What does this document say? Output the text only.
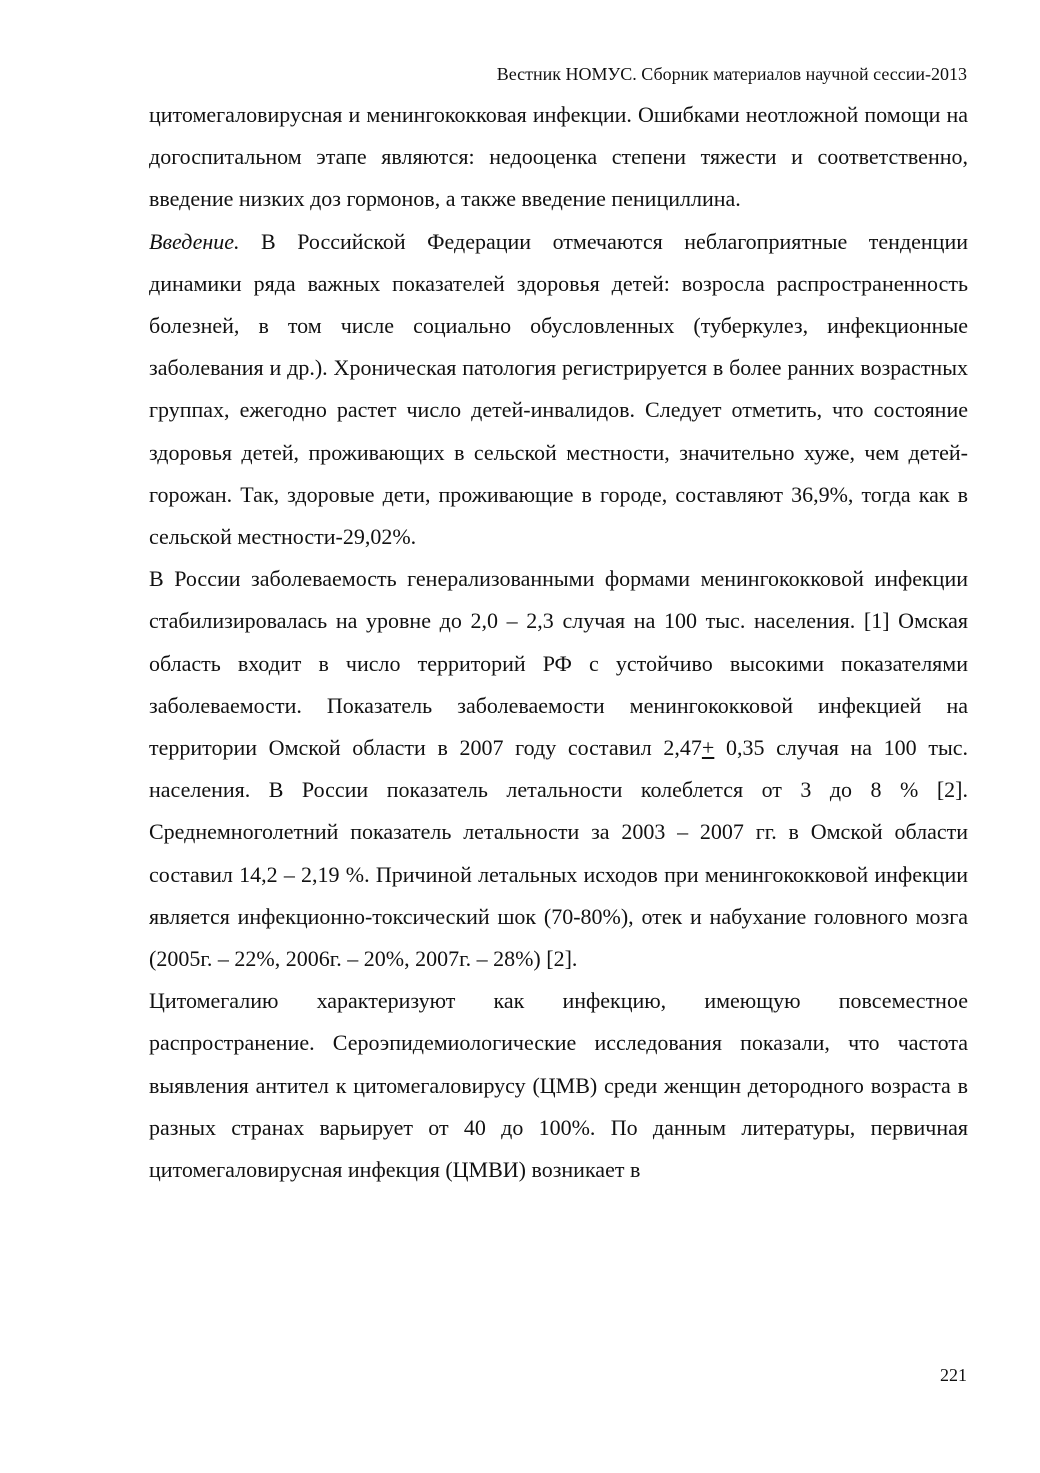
Вестник НОМУС. Сборник материалов научной сессии-2013

цитомегаловирусная и менингококковая инфекции. Ошибками неотложной помощи на догоспитальном этапе являются: недооценка степени тяжести и соответственно, введение низких доз гормонов, а также введение пенициллина.

Введение. В Российской Федерации отмечаются неблагоприятные тенденции динамики ряда важных показателей здоровья детей: возросла распространенность болезней, в том числе социально обусловленных (туберкулез, инфекционные заболевания и др.). Хроническая патология регистрируется в более ранних возрастных группах, ежегодно растет число детей-инвалидов. Следует отметить, что состояние здоровья детей, проживающих в сельской местности, значительно хуже, чем детей-горожан. Так, здоровые дети, проживающие в городе, составляют 36,9%, тогда как в сельской местности-29,02%.

В России заболеваемость генерализованными формами менингококковой инфекции стабилизировалась на уровне до 2,0 – 2,3 случая на 100 тыс. населения. [1] Омская область входит в число территорий РФ с устойчиво высокими показателями заболеваемости. Показатель заболеваемости менингококковой инфекцией на территории Омской области в 2007 году составил 2,47+ 0,35 случая на 100 тыс. населения. В России показатель летальности колеблется от 3 до 8 % [2]. Среднемноголетний показатель летальности за 2003 – 2007 гг. в Омской области составил 14,2 – 2,19 %. Причиной летальных исходов при менингококковой инфекции является инфекционно-токсический шок (70-80%), отек и набухание головного мозга (2005г. – 22%, 2006г. – 20%, 2007г. – 28%) [2].

Цитомегалию характеризуют как инфекцию, имеющую повсеместное распространение. Сероэпидемиологические исследования показали, что частота выявления антител к цитомегаловирусу (ЦМВ) среди женщин детородного возраста в разных странах варьирует от 40 до 100%. По данным литературы, первичная цитомегаловирусная инфекция (ЦМВИ) возникает в

221
